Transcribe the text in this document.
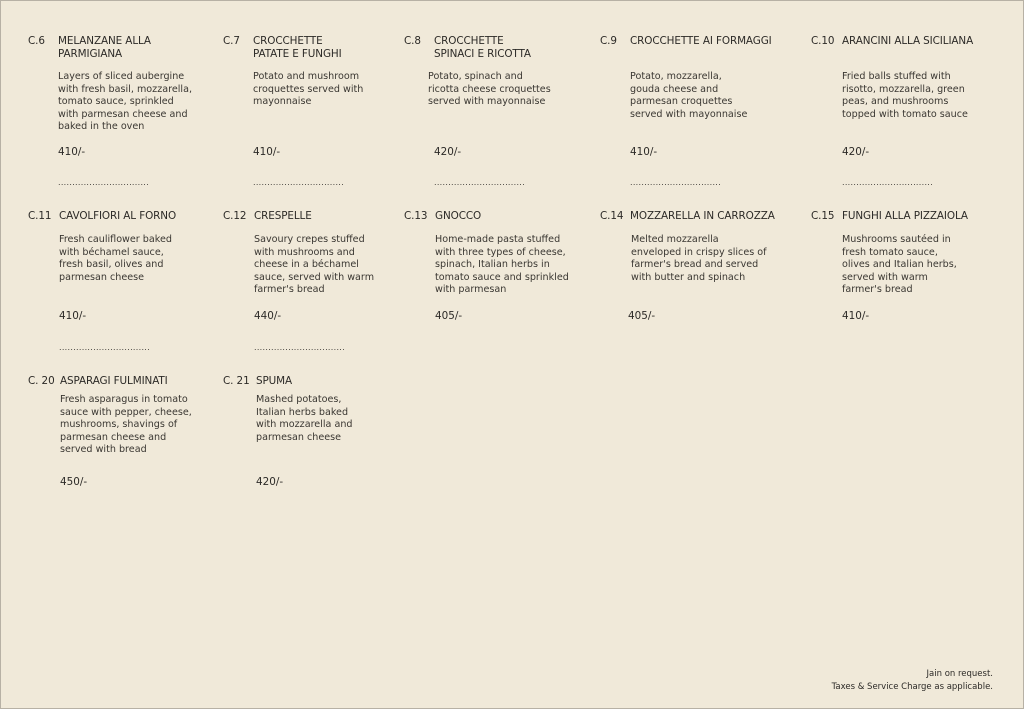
C.6 MELANZANE ALLA
PARMIGIANA
Layers of sliced aubergine
with fresh basil, mozzarella,
tomato sauce, sprinkled
with parmesan cheese and
baked in the oven
410/-
................................
C.7 CROCCHETTE
PATATE E FUNGHI
Potato and mushroom
croquettes served with
mayonnaise
410/-
................................
C.8 CROCCHETTE
SPINACI E RICOTTA
Potato, spinach and
ricotta cheese croquettes
served with mayonnaise
420/-
................................
C.9 CROCCHETTE AI FORMAGGI
Potato, mozzarella,
gouda cheese and
parmesan croquettes
served with mayonnaise
410/-
................................
C.10 ARANCINI ALLA SICILIANA
Fried balls stuffed with
risotto, mozzarella, green
peas, and mushrooms
topped with tomato sauce
420/-
................................
C.11 CAVOLFIORI AL FORNO
Fresh cauliflower baked
with béchamel sauce,
fresh basil, olives and
parmesan cheese
410/-
................................
C.12 CRESPELLE
Savoury crepes stuffed
with mushrooms and
cheese in a béchamel
sauce, served with warm
farmer's bread
440/-
................................
C.13 GNOCCO
Home-made pasta stuffed
with three types of cheese,
spinach, Italian herbs in
tomato sauce and sprinkled
with parmesan
405/-
C.14 MOZZARELLA IN CARROZZA
Melted mozzarella
enveloped in crispy slices of
farmer's bread and served
with butter and spinach
405/-
C.15 FUNGHI ALLA PIZZAIOLA
Mushrooms sautéed in
fresh tomato sauce,
olives and Italian herbs,
served with warm
farmer's bread
410/-
C. 20 ASPARAGI FULMINATI
Fresh asparagus in tomato
sauce with pepper, cheese,
mushrooms, shavings of
parmesan cheese and
served with bread
450/-
C. 21 SPUMA
Mashed potatoes,
Italian herbs baked
with mozzarella and
parmesan cheese
420/-
Jain on request.
Taxes & Service Charge as applicable.
